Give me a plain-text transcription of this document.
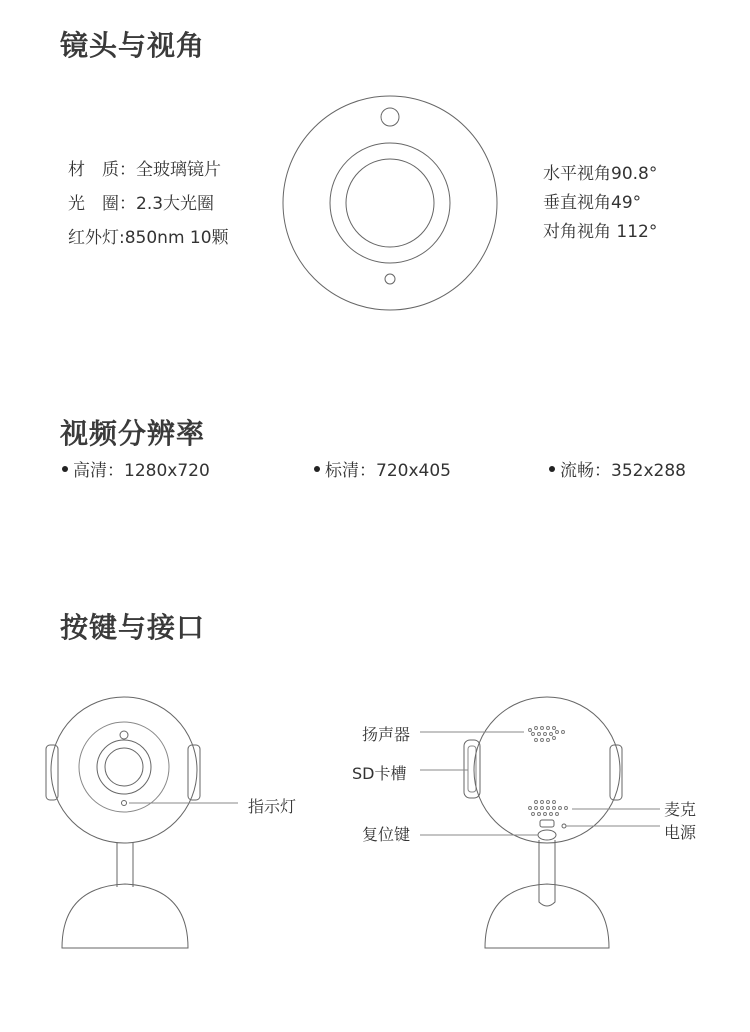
镜头与视角
材　质：全玻璃镜片
光　圈：2.3大光圈
红外灯:850nm 10颗
水平视角90.8°
垂直视角49°
对角视角 112°
视频分辨率
高清：1280x720	标清：720x405	流畅：352x288
按键与接口
指示灯
扬声器
SD卡槽
复位键
麦克
电源
